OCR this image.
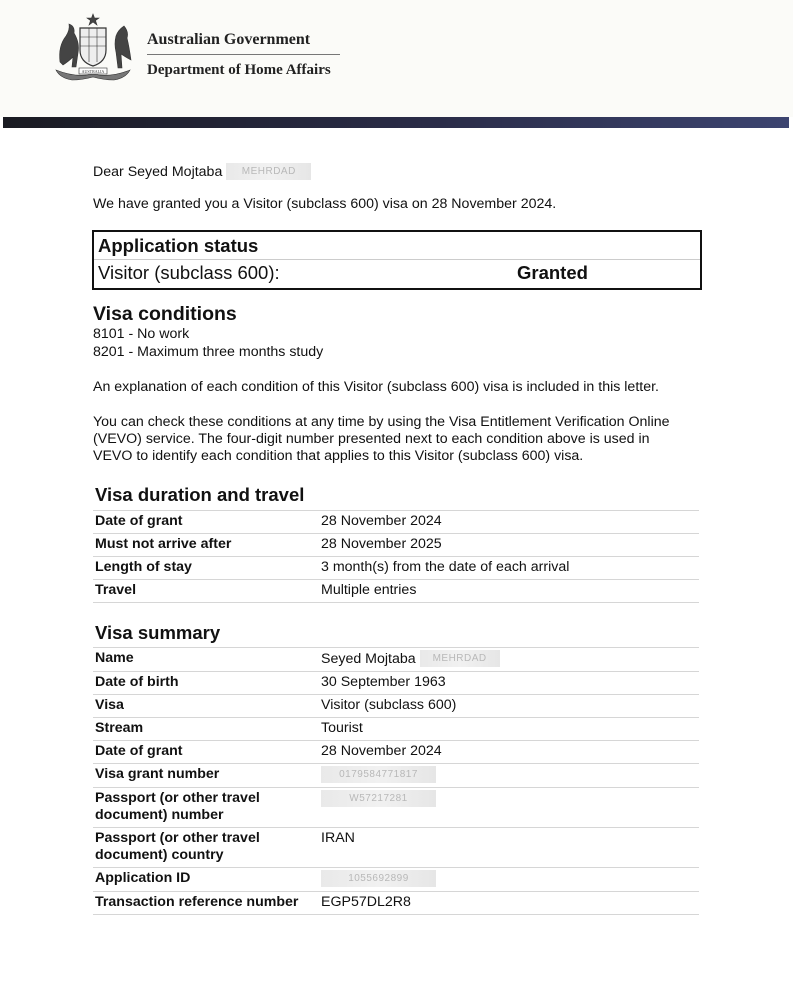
AUSTRALIA
Australian Government
Department of Home Affairs
Dear Seyed Mojtaba MEHRDAD
We have granted you a Visitor (subclass 600) visa on 28 November 2024.
Application status
Visitor (subclass 600):	Granted
Visa conditions
8101 - No work
8201 - Maximum three months study
An explanation of each condition of this Visitor (subclass 600) visa is included in this letter.
You can check these conditions at any time by using the Visa Entitlement Verification Online
(VEVO) service. The four-digit number presented next to each condition above is used in
VEVO to identify each condition that applies to this Visitor (subclass 600) visa.
Visa duration and travel
Date of grant	28 November 2024
Must not arrive after	28 November 2025
Length of stay	3 month(s) from the date of each arrival
Travel	Multiple entries
Visa summary
Name	Seyed Mojtaba MEHRDAD
Date of birth	30 September 1963
Visa	Visitor (subclass 600)
Stream	Tourist
Date of grant	28 November 2024
Visa grant number	0179584771817
Passport (or other travel
document) number	W57217281
Passport (or other travel
document) country	IRAN
Application ID	1055692899
Transaction reference number	EGP57DL2R8
